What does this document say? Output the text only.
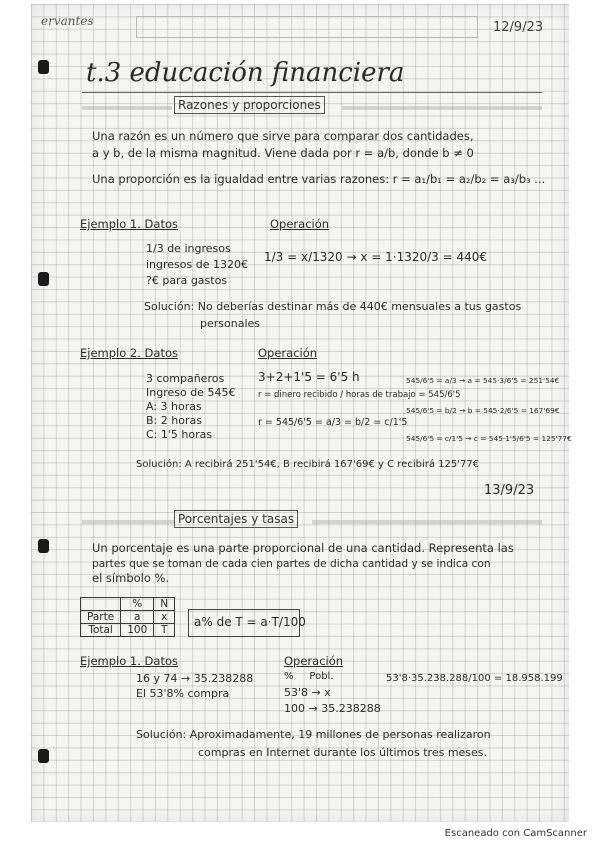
ervantes	12/9/23
t.3 educación financiera
Razones y proporciones
Una razón es un número que sirve para comparar dos cantidades,
a y b, de la misma magnitud. Viene dada por r = a/b, donde b ≠ 0
Una proporción es la igualdad entre varias razones: r = a₁/b₁ = a₂/b₂ = a₃/b₃ ...
Ejemplo 1. Datos	Operación
1/3 de ingresos
ingresos de 1320€
?€ para gastos
1/3 = x/1320 → x = 1·1320/3 = 440€
Solución: No deberías destinar más de 440€ mensuales a tus gastos
personales
Ejemplo 2. Datos	Operación
3 compañeros
Ingreso de 545€
A: 3 horas
B: 2 horas
C: 1'5 horas
3+2+1'5 = 6'5 h
r = dinero recibido / horas de trabajo = 545/6'5
r = 545/6'5 = a/3 = b/2 = c/1'5
545/6'5 = a/3 → a = 545·3/6'5 = 251'54€
545/6'5 = b/2 → b = 545·2/6'5 = 167'69€
545/6'5 = c/1'5 → c = 545·1'5/6'5 = 125'77€
Solución: A recibirá 251'54€, B recibirá 167'69€ y C recibirá 125'77€
13/9/23
Porcentajes y tasas
Un porcentaje es una parte proporcional de una cantidad. Representa las
partes que se toman de cada cien partes de dicha cantidad y se indica con
el símbolo %.
	%	N
Parte	a	x
Total	100	T
a% de T = a·T/100
Ejemplo 1. Datos	Operación
16 y 74 → 35.238288
El 53'8% compra
%     Pobl.
53'8 → x
100 → 35.238288
53'8·35.238.288/100 = 18.958.199
Solución: Aproximadamente, 19 millones de personas realizaron
compras en Internet durante los últimos tres meses.
Escaneado con CamScanner
